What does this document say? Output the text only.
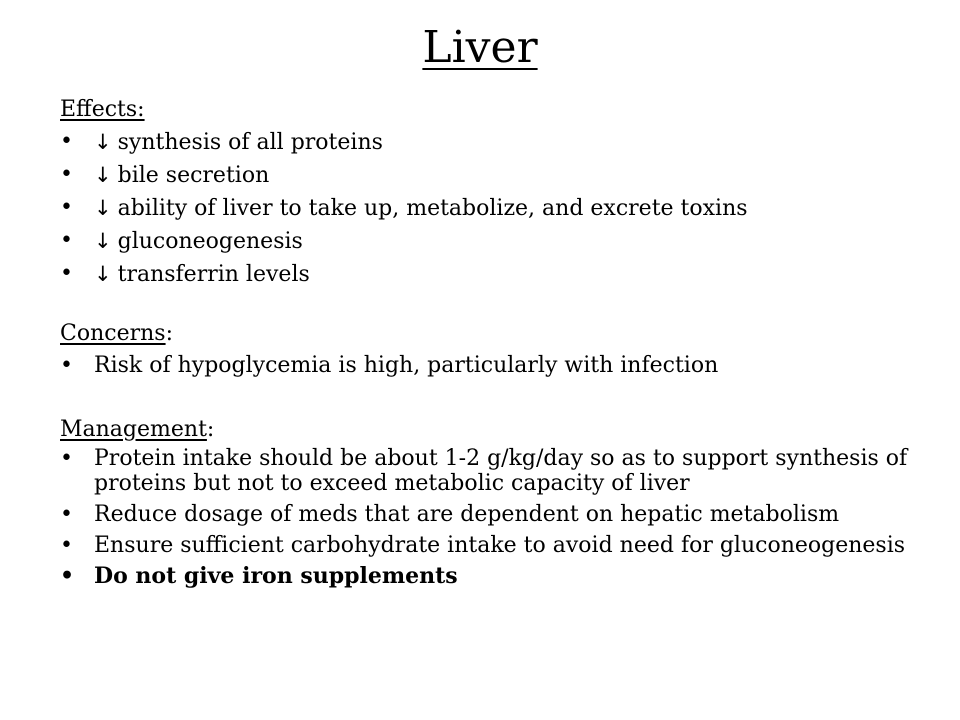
Liver
Effects:
•	↓ synthesis of all proteins
•	↓ bile secretion
•	↓ ability of liver to take up, metabolize, and excrete toxins
•	↓ gluconeogenesis
•	↓ transferrin levels
Concerns:
• Risk of hypoglycemia is high, particularly with infection
Management:
• Protein intake should be about 1-2 g/kg/day so as to support synthesis of proteins but not to exceed metabolic capacity of liver
• Reduce dosage of meds that are dependent on hepatic metabolism
• Ensure sufficient carbohydrate intake to avoid need for gluconeogenesis
• Do not give iron supplements
